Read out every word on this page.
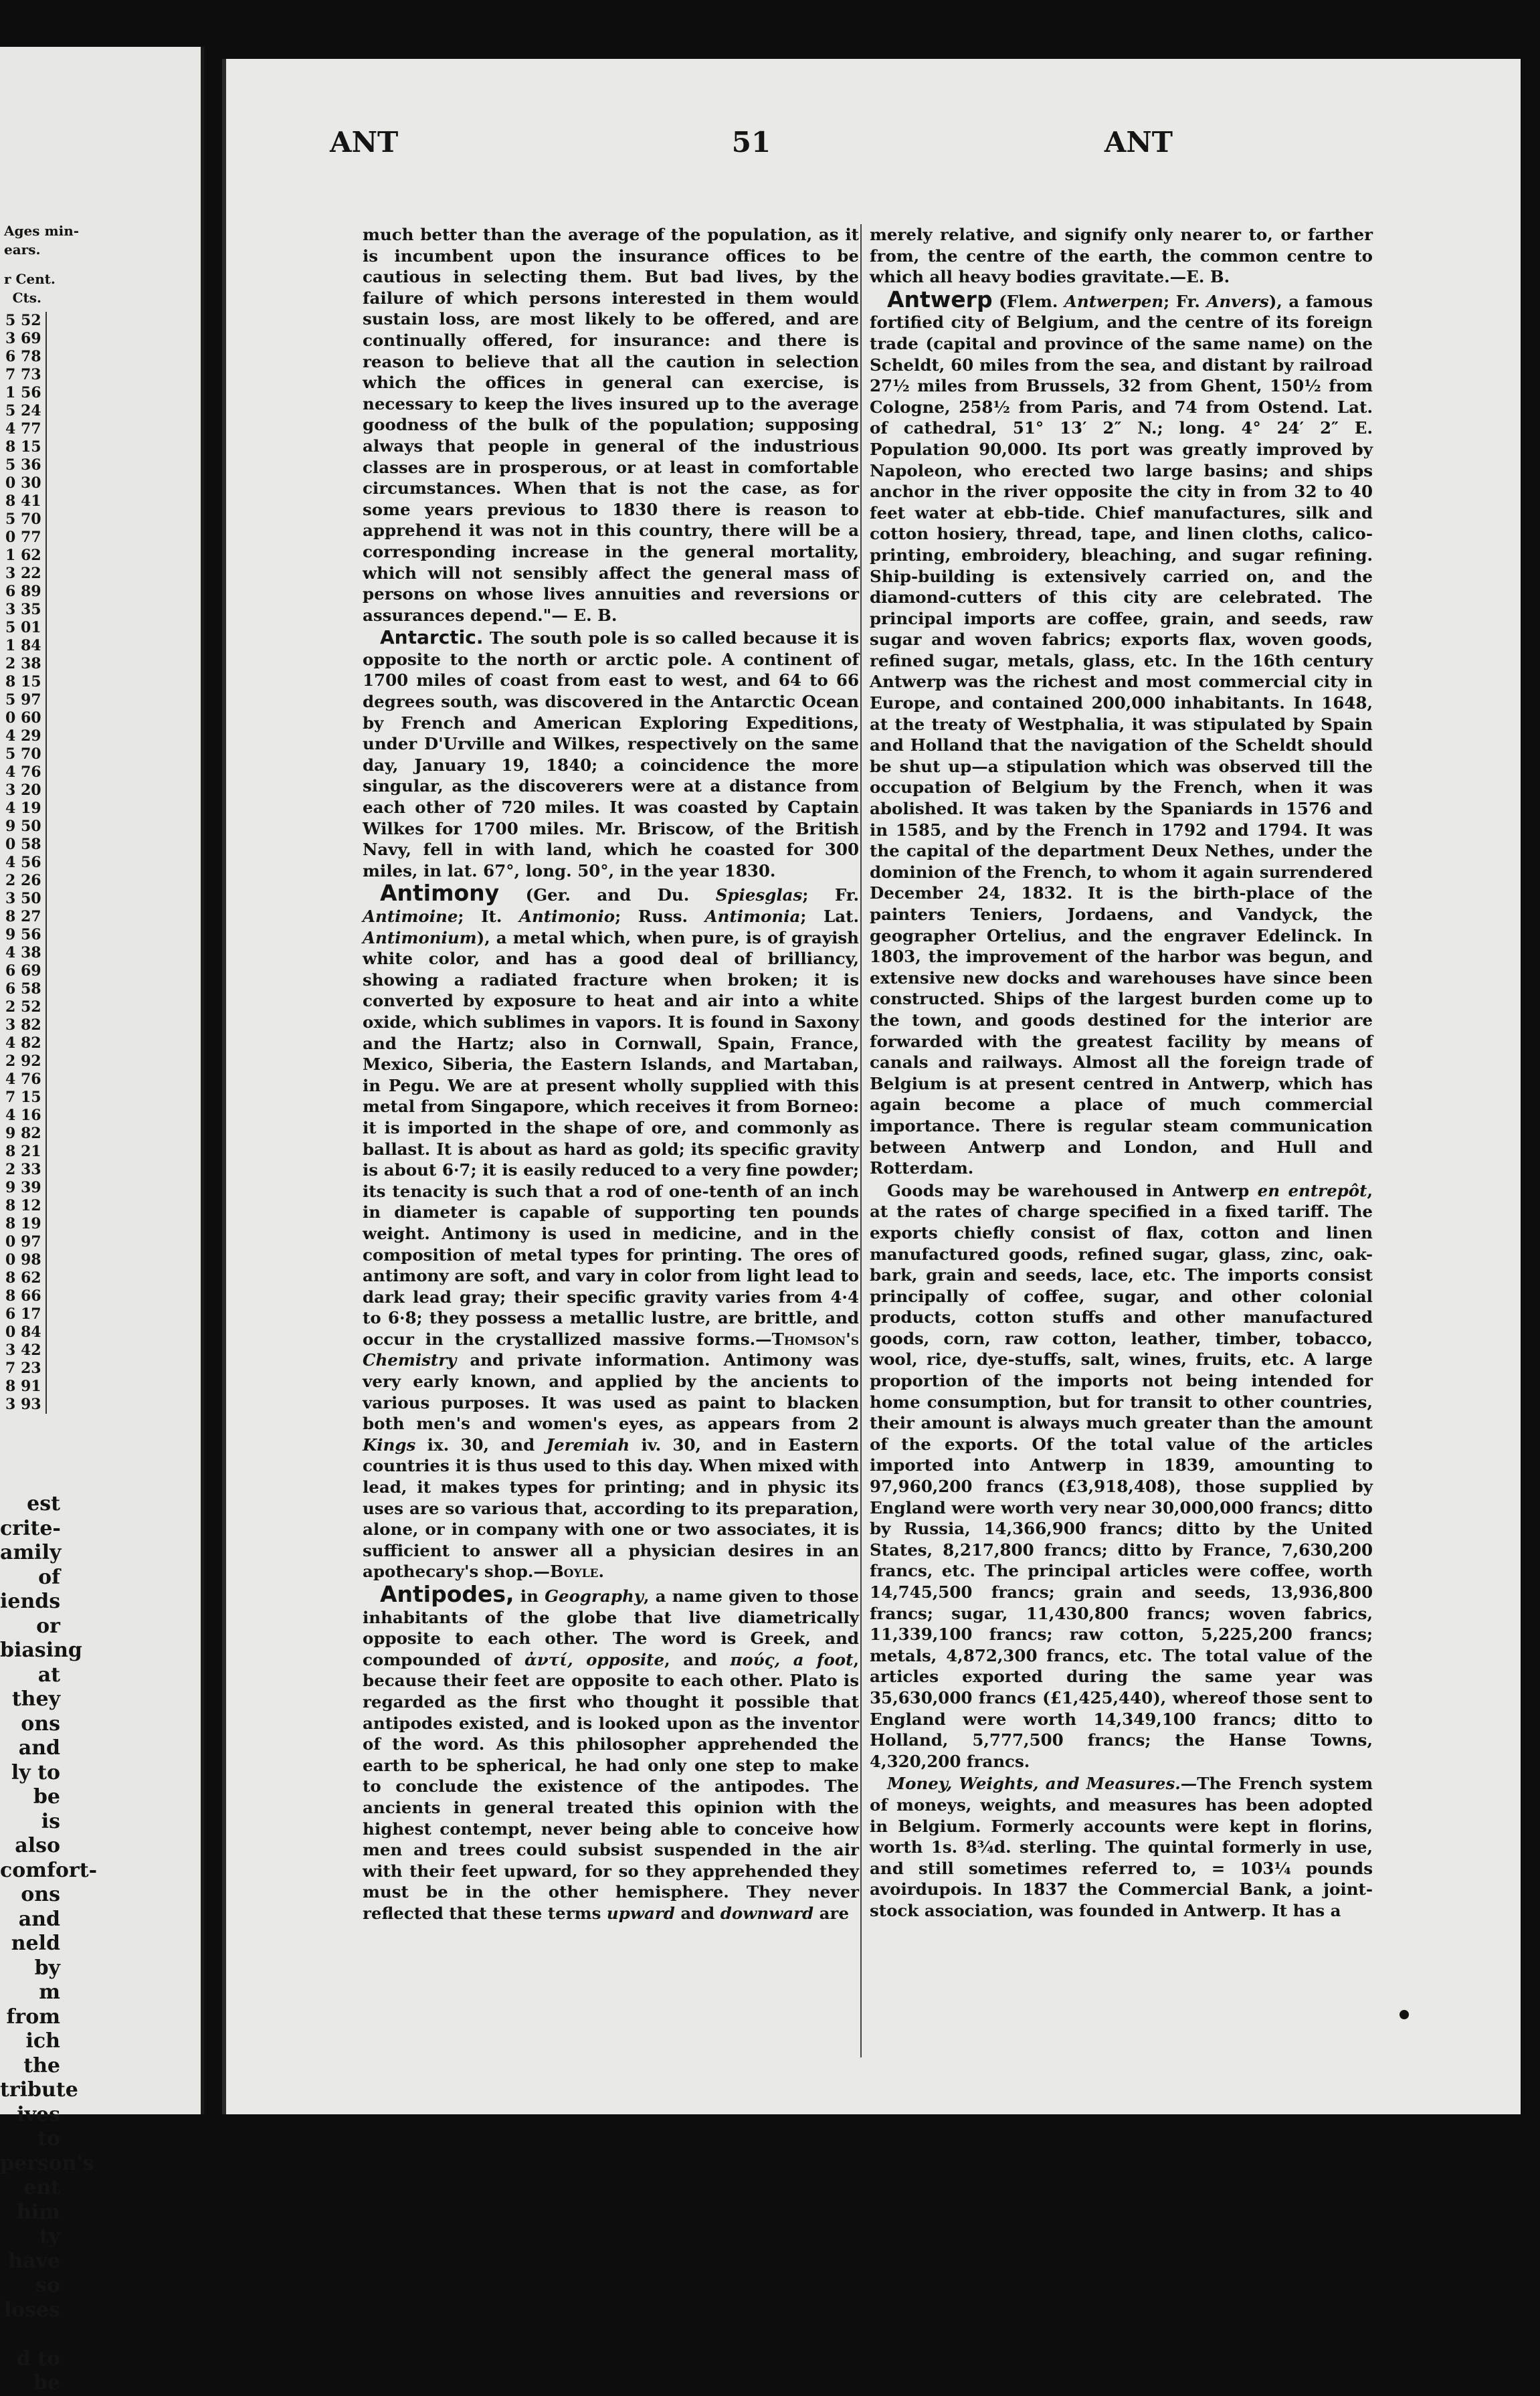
Ages min-
ears.
r Cent.
Cts.
5 52
3 69
6 78
7 73
1 56
5 24
4 77
8 15
5 36
0 30
8 41
5 70
0 77
1 62
3 22
6 89
3 35
5 01
1 84
2 38
8 15
5 97
0 60
4 29
5 70
4 76
3 20
4 19
9 50
0 58
4 56
2 26
3 50
8 27
9 56
4 38
6 69
6 58
2 52
3 82
4 82
2 92
4 76
7 15
4 16
9 82
8 21
2 33
9 39
8 12
8 19
0 97
0 98
8 62
8 66
6 17
0 84
3 42
7 23
8 91
3 93
est crite-
amily of
iends or
biasing
at they
ons and
ly to be
is also
comfort-
ons and
neld by
m from
ich the
tribute
ives to
person's
ent him
ty have
so loses

d to be
ANT	51	ANT

much better than the average of the population, as it is incumbent upon the insurance offices to be cautious in selecting them. But bad lives, by the failure of which persons interested in them would sustain loss, are most likely to be offered, and are continually offered, for insurance: and there is reason to believe that all the caution in selection which the offices in general can exercise, is necessary to keep the lives insured up to the average goodness of the bulk of the population; supposing always that people in general of the industrious classes are in prosperous, or at least in comfortable circumstances. When that is not the case, as for some years previous to 1830 there is reason to apprehend it was not in this country, there will be a corresponding increase in the general mortality, which will not sensibly affect the general mass of persons on whose lives annuities and reversions or assurances depend."— E. B.

Antarctic. The south pole is so called because it is opposite to the north or arctic pole. A continent of 1700 miles of coast from east to west, and 64 to 66 degrees south, was discovered in the Antarctic Ocean by French and American Exploring Expeditions, under D'Urville and Wilkes, respectively on the same day, January 19, 1840; a coincidence the more singular, as the discoverers were at a distance from each other of 720 miles. It was coasted by Captain Wilkes for 1700 miles. Mr. Briscow, of the British Navy, fell in with land, which he coasted for 300 miles, in lat. 67°, long. 50°, in the year 1830.

Antimony (Ger. and Du. Spiesglas; Fr. Antimoine; It. Antimonio; Russ. Antimonia; Lat. Antimonium), a metal which, when pure, is of grayish white color, and has a good deal of brilliancy, showing a radiated fracture when broken; it is converted by exposure to heat and air into a white oxide, which sublimes in vapors. It is found in Saxony and the Hartz; also in Cornwall, Spain, France, Mexico, Siberia, the Eastern Islands, and Martaban, in Pegu. We are at present wholly supplied with this metal from Singapore, which receives it from Borneo: it is imported in the shape of ore, and commonly as ballast. It is about as hard as gold; its specific gravity is about 6·7; it is easily reduced to a very fine powder; its tenacity is such that a rod of one-tenth of an inch in diameter is capable of supporting ten pounds weight. Antimony is used in medicine, and in the composition of metal types for printing. The ores of antimony are soft, and vary in color from light lead to dark lead gray; their specific gravity varies from 4·4 to 6·8; they possess a metallic lustre, are brittle, and occur in the crystallized massive forms.—Thomson's Chemistry and private information. Antimony was very early known, and applied by the ancients to various purposes. It was used as paint to blacken both men's and women's eyes, as appears from 2 Kings ix. 30, and Jeremiah iv. 30, and in Eastern countries it is thus used to this day. When mixed with lead, it makes types for printing; and in physic its uses are so various that, according to its preparation, alone, or in company with one or two associates, it is sufficient to answer all a physician desires in an apothecary's shop.—Boyle.

Antipodes, in Geography, a name given to those inhabitants of the globe that live diametrically opposite to each other. The word is Greek, and compounded of ἀντί, opposite, and πούς, a foot, because their feet are opposite to each other. Plato is regarded as the first who thought it possible that antipodes existed, and is looked upon as the inventor of the word. As this philosopher apprehended the earth to be spherical, he had only one step to make to conclude the existence of the antipodes. The ancients in general treated this opinion with the highest contempt, never being able to conceive how men and trees could subsist suspended in the air with their feet upward, for so they apprehended they must be in the other hemisphere. They never reflected that these terms upward and downward are

merely relative, and signify only nearer to, or farther from, the centre of the earth, the common centre to which all heavy bodies gravitate.—E. B.

Antwerp (Flem. Antwerpen; Fr. Anvers), a famous fortified city of Belgium, and the centre of its foreign trade (capital and province of the same name) on the Scheldt, 60 miles from the sea, and distant by railroad 27½ miles from Brussels, 32 from Ghent, 150½ from Cologne, 258½ from Paris, and 74 from Ostend. Lat. of cathedral, 51° 13′ 2″ N.; long. 4° 24′ 2″ E. Population 90,000. Its port was greatly improved by Napoleon, who erected two large basins; and ships anchor in the river opposite the city in from 32 to 40 feet water at ebb-tide. Chief manufactures, silk and cotton hosiery, thread, tape, and linen cloths, calico-printing, embroidery, bleaching, and sugar refining. Ship-building is extensively carried on, and the diamond-cutters of this city are celebrated. The principal imports are coffee, grain, and seeds, raw sugar and woven fabrics; exports flax, woven goods, refined sugar, metals, glass, etc. In the 16th century Antwerp was the richest and most commercial city in Europe, and contained 200,000 inhabitants. In 1648, at the treaty of Westphalia, it was stipulated by Spain and Holland that the navigation of the Scheldt should be shut up—a stipulation which was observed till the occupation of Belgium by the French, when it was abolished. It was taken by the Spaniards in 1576 and in 1585, and by the French in 1792 and 1794. It was the capital of the department Deux Nethes, under the dominion of the French, to whom it again surrendered December 24, 1832. It is the birth-place of the painters Teniers, Jordaens, and Vandyck, the geographer Ortelius, and the engraver Edelinck. In 1803, the improvement of the harbor was begun, and extensive new docks and warehouses have since been constructed. Ships of the largest burden come up to the town, and goods destined for the interior are forwarded with the greatest facility by means of canals and railways. Almost all the foreign trade of Belgium is at present centred in Antwerp, which has again become a place of much commercial importance. There is regular steam communication between Antwerp and London, and Hull and Rotterdam.

Goods may be warehoused in Antwerp en entrepôt, at the rates of charge specified in a fixed tariff. The exports chiefly consist of flax, cotton and linen manufactured goods, refined sugar, glass, zinc, oak-bark, grain and seeds, lace, etc. The imports consist principally of coffee, sugar, and other colonial products, cotton stuffs and other manufactured goods, corn, raw cotton, leather, timber, tobacco, wool, rice, dye-stuffs, salt, wines, fruits, etc. A large proportion of the imports not being intended for home consumption, but for transit to other countries, their amount is always much greater than the amount of the exports. Of the total value of the articles imported into Antwerp in 1839, amounting to 97,960,200 francs (£3,918,408), those supplied by England were worth very near 30,000,000 francs; ditto by Russia, 14,366,900 francs; ditto by the United States, 8,217,800 francs; ditto by France, 7,630,200 francs, etc. The principal articles were coffee, worth 14,745,500 francs; grain and seeds, 13,936,800 francs; sugar, 11,430,800 francs; woven fabrics, 11,339,100 francs; raw cotton, 5,225,200 francs; metals, 4,872,300 francs, etc. The total value of the articles exported during the same year was 35,630,000 francs (£1,425,440), whereof those sent to England were worth 14,349,100 francs; ditto to Holland, 5,777,500 francs; the Hanse Towns, 4,320,200 francs.

Money, Weights, and Measures.—The French system of moneys, weights, and measures has been adopted in Belgium. Formerly accounts were kept in florins, worth 1s. 8¾d. sterling. The quintal formerly in use, and still sometimes referred to, = 103¼ pounds avoirdupois. In 1837 the Commercial Bank, a joint-stock association, was founded in Antwerp. It has a
